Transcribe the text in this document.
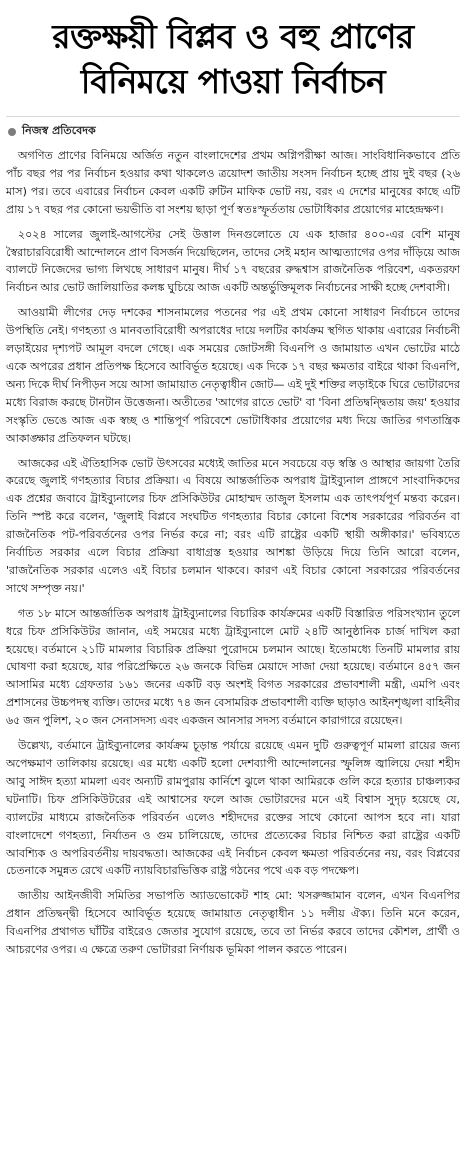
রক্তক্ষয়ী বিপ্লব ও বহু প্রাণের
বিনিময়ে পাওয়া নির্বাচন
নিজস্ব প্রতিবেদক

অগণিত প্রাণের বিনিময়ে অর্জিত নতুন বাংলাদেশের প্রথম অগ্নিপরীক্ষা আজ। সাংবিধানিকভাবে প্রতি পাঁচ বছর পর পর নির্বাচন হওয়ার কথা থাকলেও ত্রয়োদশ জাতীয় সংসদ নির্বাচন হচ্ছে প্রায় দুই বছর (২৬ মাস) পর। তবে এবারের নির্বাচন কেবল একটি রুটিন মাফিক ভোট নয়, বরং এ দেশের মানুষের কাছে এটি প্রায় ১৭ বছর পর কোনো ভয়ভীতি বা সংশয় ছাড়া পূর্ণ স্বতঃস্ফূর্ততায় ভোটাধিকার প্রয়োগের মাহেন্দ্রক্ষণ।

২০২৪ সালের জুলাই-আগস্টের সেই উত্তাল দিনগুলোতে যে এক হাজার ৪০০-এর বেশি মানুষ স্বৈরাচারবিরোধী আন্দোলনে প্রাণ বিসর্জন দিয়েছিলেন, তাদের সেই মহান আত্মত্যাগের ওপর দাঁড়িয়ে আজ ব্যালটে নিজেদের ভাগ্য লিখছে সাধারণ মানুষ। দীর্ঘ ১৭ বছরের রুদ্ধশ্বাস রাজনৈতিক পরিবেশ, একতরফা নির্বাচন আর ভোট জালিয়াতির কলঙ্ক ঘুচিয়ে আজ একটি অন্তর্ভুক্তিমূলক নির্বাচনের সাক্ষী হচ্ছে দেশবাসী।

আওয়ামী লীগের দেড় দশকের শাসনামলের পতনের পর এই প্রথম কোনো সাধারণ নির্বাচনে তাদের উপস্থিতি নেই। গণহত্যা ও মানবতাবিরোধী অপরাধের দায়ে দলটির কার্যক্রম স্থগিত থাকায় এবারের নির্বাচনী লড়াইয়ের দৃশ্যপট আমূল বদলে গেছে। এক সময়ের জোটসঙ্গী বিএনপি ও জামায়াত এখন ভোটের মাঠে একে অপরের প্রধান প্রতিপক্ষ হিসেবে আবির্ভূত হয়েছে। এক দিকে ১৭ বছর ক্ষমতার বাইরে থাকা বিএনপি, অন্য দিকে দীর্ঘ নিপীড়ন সয়ে আসা জামায়াত নেতৃত্বাধীন জোট— এই দুই শক্তির লড়াইকে ঘিরে ভোটারদের মধ্যে বিরাজ করছে টানটান উত্তেজনা। অতীতের 'আগের রাতে ভোট' বা 'বিনা প্রতিদ্বন্দ্বিতায় জয়' হওয়ার সংস্কৃতি ভেঙে আজ এক স্বচ্ছ ও শান্তিপূর্ণ পরিবেশে ভোটাধিকার প্রয়োগের মধ্য দিয়ে জাতির গণতান্ত্রিক আকাঙ্ক্ষার প্রতিফলন ঘটছে।

আজকের এই ঐতিহাসিক ভোট উৎসবের মধ্যেই জাতির মনে সবচেয়ে বড় স্বস্তি ও আস্থার জায়গা তৈরি করেছে জুলাই গণহত্যার বিচার প্রক্রিয়া। এ বিষয়ে আন্তর্জাতিক অপরাধ ট্রাইব্যুনাল প্রাঙ্গণে সাংবাদিকদের এক প্রশ্নের জবাবে ট্রাইব্যুনালের চিফ প্রসিকিউটর মোহাম্মদ তাজুল ইসলাম এক তাৎপর্যপূর্ণ মন্তব্য করেন। তিনি স্পষ্ট করে বলেন, 'জুলাই বিপ্লবে সংঘটিত গণহত্যার বিচার কোনো বিশেষ সরকারের পরিবর্তন বা রাজনৈতিক পট-পরিবর্তনের ওপর নির্ভর করে না; বরং এটি রাষ্ট্রের একটি স্থায়ী অঙ্গীকার।' ভবিষ্যতে নির্বাচিত সরকার এলে বিচার প্রক্রিয়া বাধাগ্রস্ত হওয়ার আশঙ্কা উড়িয়ে দিয়ে তিনি আরো বলেন, 'রাজনৈতিক সরকার এলেও এই বিচার চলমান থাকবে। কারণ এই বিচার কোনো সরকারের পরিবর্তনের সাথে সম্পৃক্ত নয়।'

গত ১৮ মাসে আন্তর্জাতিক অপরাধ ট্রাইব্যুনালের বিচারিক কার্যক্রমের একটি বিস্তারিত পরিসংখ্যান তুলে ধরে চিফ প্রসিকিউটর জানান, এই সময়ের মধ্যে ট্রাইব্যুনালে মোট ২৪টি আনুষ্ঠানিক চার্জ দাখিল করা হয়েছে। বর্তমানে ২১টি মামলার বিচারিক প্রক্রিয়া পুরোদমে চলমান আছে। ইতোমধ্যে তিনটি মামলার রায় ঘোষণা করা হয়েছে, যার পরিপ্রেক্ষিতে ২৬ জনকে বিভিন্ন মেয়াদে সাজা দেয়া হয়েছে। বর্তমানে ৪৫৭ জন আসামির মধ্যে গ্রেফতার ১৬১ জনের একটি বড় অংশই বিগত সরকারের প্রভাবশালী মন্ত্রী, এমপি এবং প্রশাসনের উচ্চপদস্থ ব্যক্তি। তাদের মধ্যে ৭৪ জন বেসামরিক প্রভাবশালী ব্যক্তি ছাড়াও আইনশৃঙ্খলা বাহিনীর ৬৫ জন পুলিশ, ২০ জন সেনাসদস্য এবং একজন আনসার সদস্য বর্তমানে কারাগারে রয়েছেন।

উল্লেখ্য, বর্তমানে ট্রাইব্যুনালের কার্যক্রম চূড়ান্ত পর্যায়ে রয়েছে এমন দুটি গুরুত্বপূর্ণ মামলা রায়ের জন্য অপেক্ষমাণ তালিকায় রয়েছে। এর মধ্যে একটি হলো দেশব্যাপী আন্দোলনের স্ফুলিঙ্গ জ্বালিয়ে দেয়া শহীদ আবু সাঈদ হত্যা মামলা এবং অন্যটি রামপুরায় কার্নিশে ঝুলে থাকা আমিরকে গুলি করে হত্যার চাঞ্চল্যকর ঘটনাটি। চিফ প্রসিকিউটরের এই আশ্বাসের ফলে আজ ভোটারদের মনে এই বিশ্বাস সুদৃঢ় হয়েছে যে, ব্যালটের মাধ্যমে রাজনৈতিক পরিবর্তন এলেও শহীদদের রক্তের সাথে কোনো আপস হবে না। যারা বাংলাদেশে গণহত্যা, নির্যাতন ও গুম চালিয়েছে, তাদের প্রত্যেকের বিচার নিশ্চিত করা রাষ্ট্রের একটি আবশ্যিক ও অপরিবর্তনীয় দায়বদ্ধতা। আজকের এই নির্বাচন কেবল ক্ষমতা পরিবর্তনের নয়, বরং বিপ্লবের চেতনাকে সমুন্নত রেখে একটি ন্যায়বিচারভিত্তিক রাষ্ট্র গঠনের পথে এক বড় পদক্ষেপ।

জাতীয় আইনজীবী সমিতির সভাপতি অ্যাডভোকেট শাহ মো: খসরুজ্জামান বলেন, এখন বিএনপির প্রধান প্রতিদ্বন্দ্বী হিসেবে আবির্ভূত হয়েছে জামায়াত নেতৃত্বাধীন ১১ দলীয় ঐক্য। তিনি মনে করেন, বিএনপির প্রথাগত ঘাঁটির বাইরেও জেতার সুযোগ রয়েছে, তবে তা নির্ভর করবে তাদের কৌশল, প্রার্থী ও আচরণের ওপর। এ ক্ষেত্রে তরুণ ভোটাররা নির্ণায়ক ভূমিকা পালন করতে পারেন।
